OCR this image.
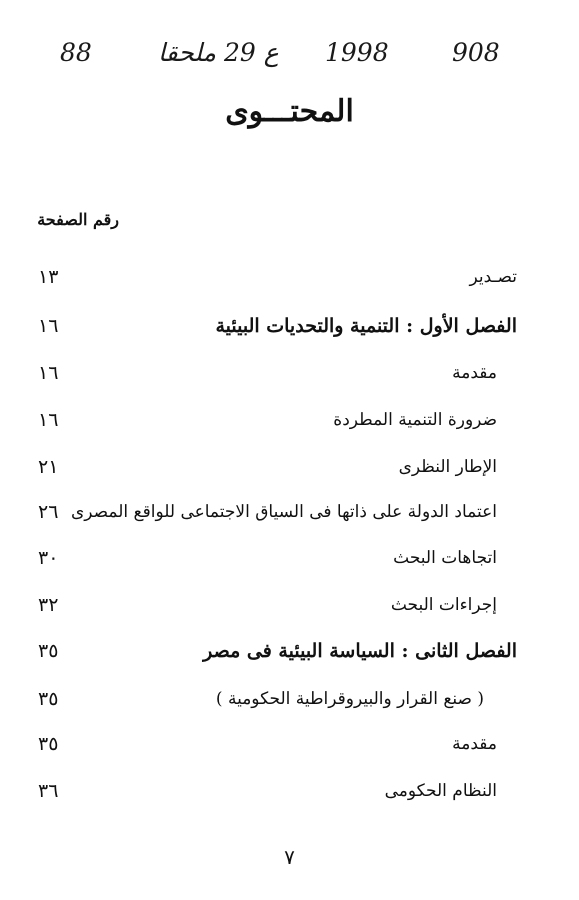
908
1998
ع 29 ملحقا
88
المحتـــوى
رقم الصفحة
تصـدير
١٣
الفصل الأول : التنمية والتحديات البيئية
١٦
مقدمة
١٦
ضرورة التنمية المطردة
١٦
الإطار النظرى
٢١
اعتماد الدولة على ذاتها فى السياق الاجتماعى للواقع المصرى
٢٦
اتجاهات البحث
٣٠
إجراءات البحث
٣٢
الفصل الثانى : السياسة البيئية فى مصر
٣٥
( صنع القرار والبيروقراطية الحكومية )
٣٥
مقدمة
٣٥
النظام الحكومى
٣٦
٧
